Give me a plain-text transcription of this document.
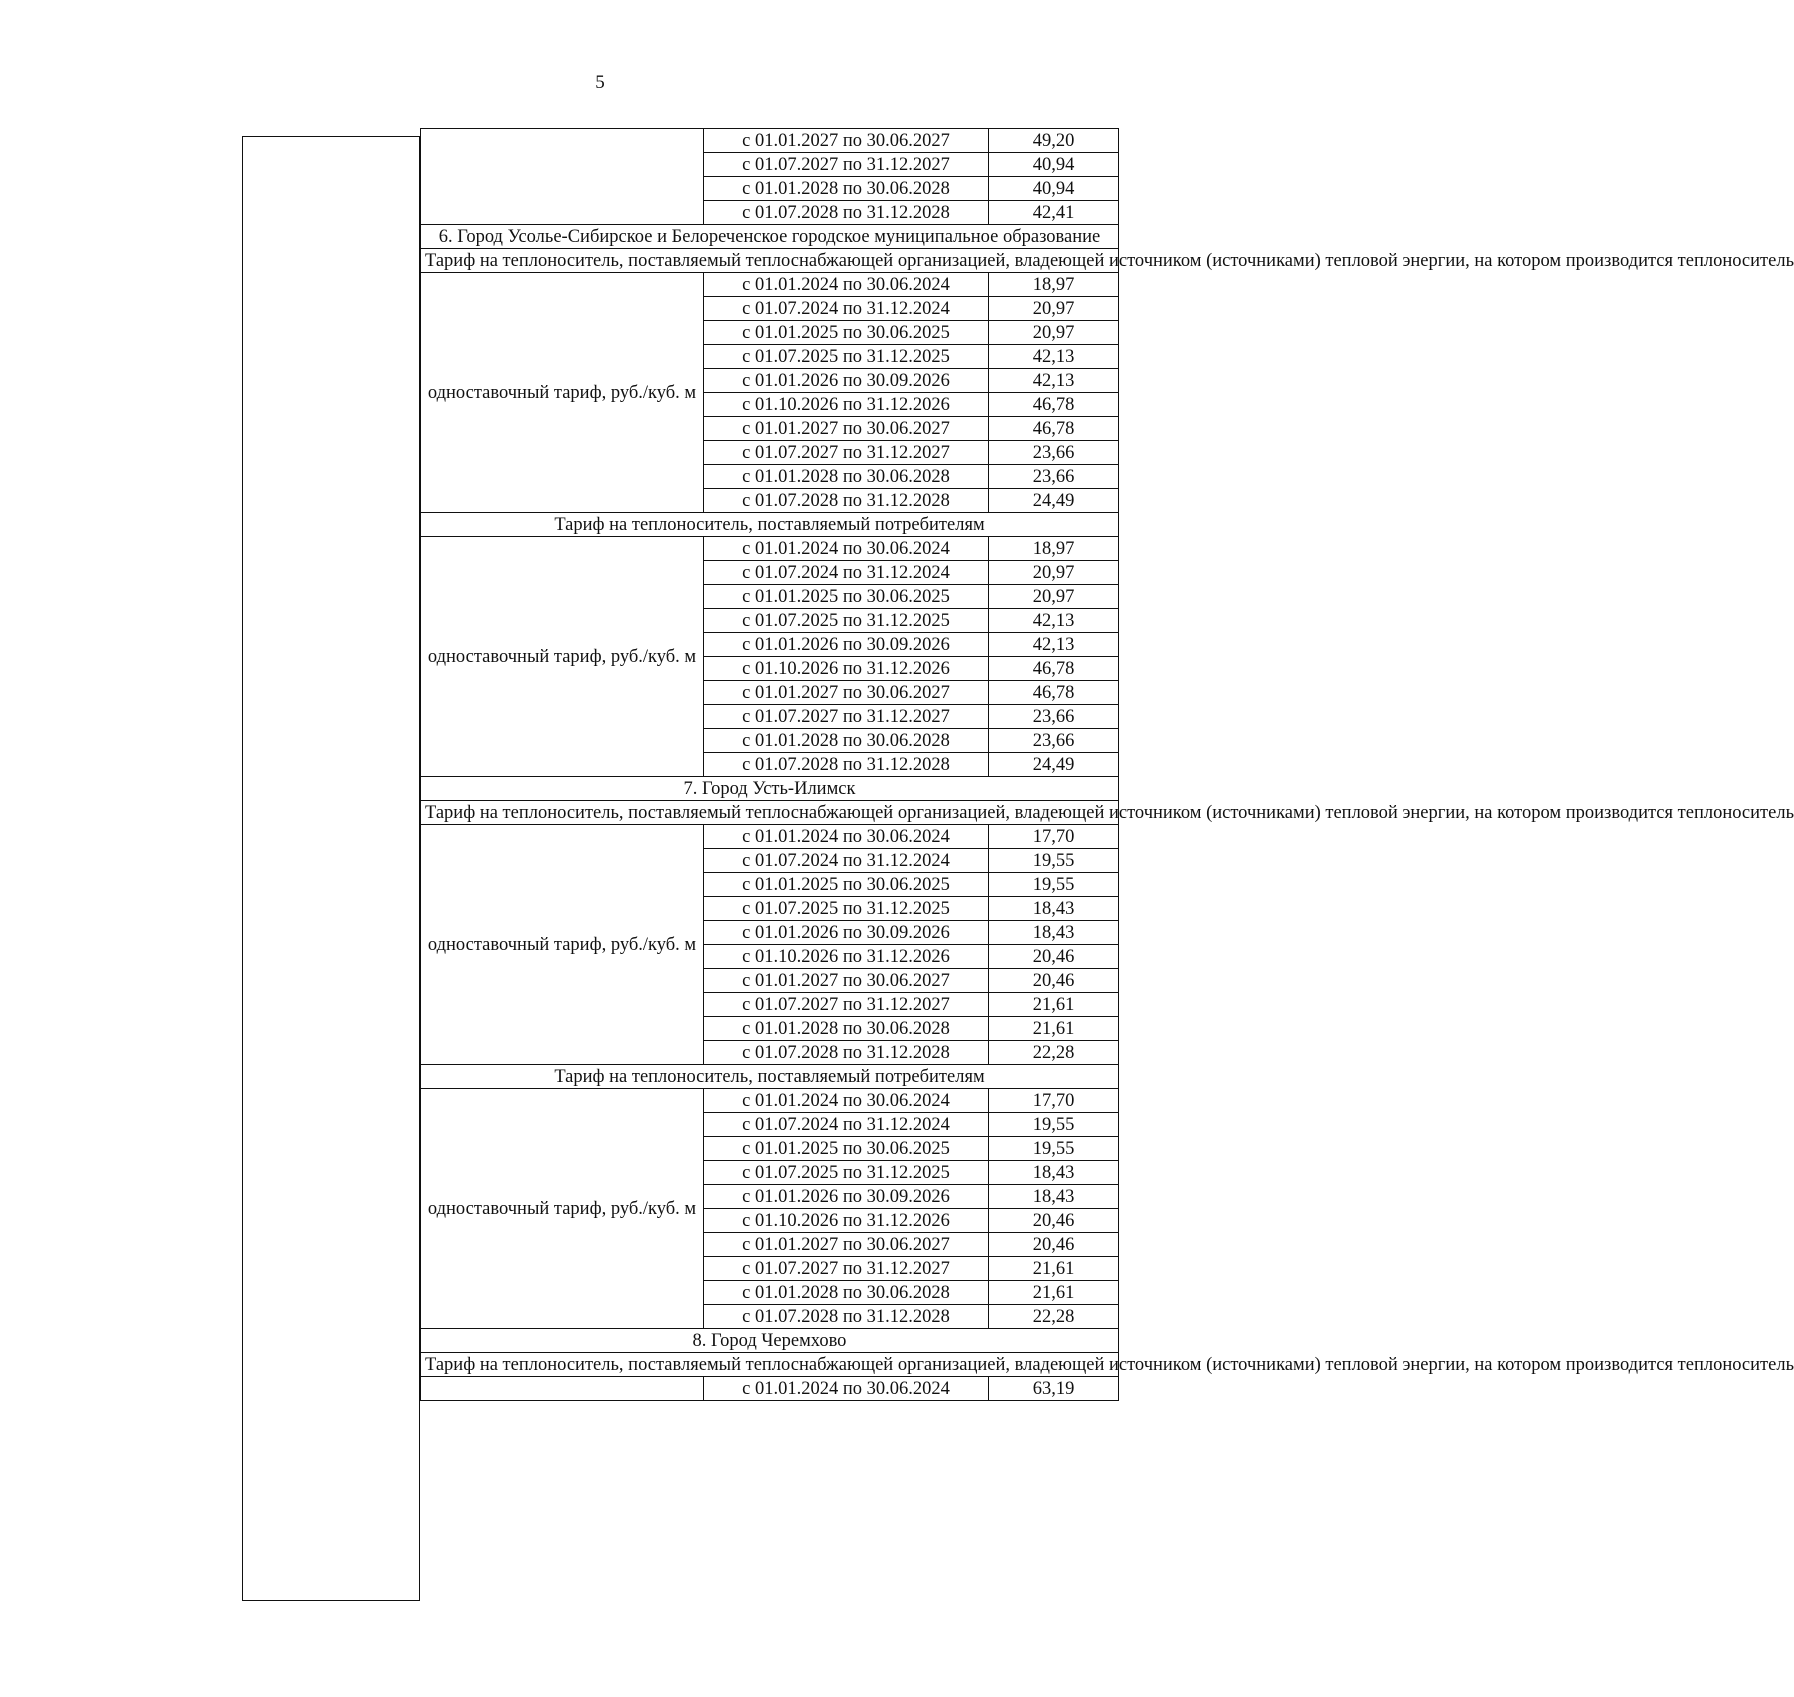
5
	с 01.01.2027 по 30.06.2027	49,20
	с 01.07.2027 по 31.12.2027	40,94
	с 01.01.2028 по 30.06.2028	40,94
	с 01.07.2028 по 31.12.2028	42,41
6. Город Усолье-Сибирское и Белореченское городское муниципальное образование		
Тариф на теплоноситель, поставляемый теплоснабжающей организацией, владеющей источником (источниками) тепловой энергии, на котором производится теплоноситель		
одноставочный тариф, руб./куб. м	с 01.01.2024 по 30.06.2024	18,97
	с 01.07.2024 по 31.12.2024	20,97
	с 01.01.2025 по 30.06.2025	20,97
	с 01.07.2025 по 31.12.2025	42,13
	с 01.01.2026 по 30.09.2026	42,13
	с 01.10.2026 по 31.12.2026	46,78
	с 01.01.2027 по 30.06.2027	46,78
	с 01.07.2027 по 31.12.2027	23,66
	с 01.01.2028 по 30.06.2028	23,66
	с 01.07.2028 по 31.12.2028	24,49
Тариф на теплоноситель, поставляемый потребителям		
одноставочный тариф, руб./куб. м	с 01.01.2024 по 30.06.2024	18,97
	с 01.07.2024 по 31.12.2024	20,97
	с 01.01.2025 по 30.06.2025	20,97
	с 01.07.2025 по 31.12.2025	42,13
	с 01.01.2026 по 30.09.2026	42,13
	с 01.10.2026 по 31.12.2026	46,78
	с 01.01.2027 по 30.06.2027	46,78
	с 01.07.2027 по 31.12.2027	23,66
	с 01.01.2028 по 30.06.2028	23,66
	с 01.07.2028 по 31.12.2028	24,49
7. Город Усть-Илимск		
Тариф на теплоноситель, поставляемый теплоснабжающей организацией, владеющей источником (источниками) тепловой энергии, на котором производится теплоноситель		
одноставочный тариф, руб./куб. м	с 01.01.2024 по 30.06.2024	17,70
	с 01.07.2024 по 31.12.2024	19,55
	с 01.01.2025 по 30.06.2025	19,55
	с 01.07.2025 по 31.12.2025	18,43
	с 01.01.2026 по 30.09.2026	18,43
	с 01.10.2026 по 31.12.2026	20,46
	с 01.01.2027 по 30.06.2027	20,46
	с 01.07.2027 по 31.12.2027	21,61
	с 01.01.2028 по 30.06.2028	21,61
	с 01.07.2028 по 31.12.2028	22,28
Тариф на теплоноситель, поставляемый потребителям		
одноставочный тариф, руб./куб. м	с 01.01.2024 по 30.06.2024	17,70
	с 01.07.2024 по 31.12.2024	19,55
	с 01.01.2025 по 30.06.2025	19,55
	с 01.07.2025 по 31.12.2025	18,43
	с 01.01.2026 по 30.09.2026	18,43
	с 01.10.2026 по 31.12.2026	20,46
	с 01.01.2027 по 30.06.2027	20,46
	с 01.07.2027 по 31.12.2027	21,61
	с 01.01.2028 по 30.06.2028	21,61
	с 01.07.2028 по 31.12.2028	22,28
8. Город Черемхово		
Тариф на теплоноситель, поставляемый теплоснабжающей организацией, владеющей источником (источниками) тепловой энергии, на котором производится теплоноситель		
	с 01.01.2024 по 30.06.2024	63,19
